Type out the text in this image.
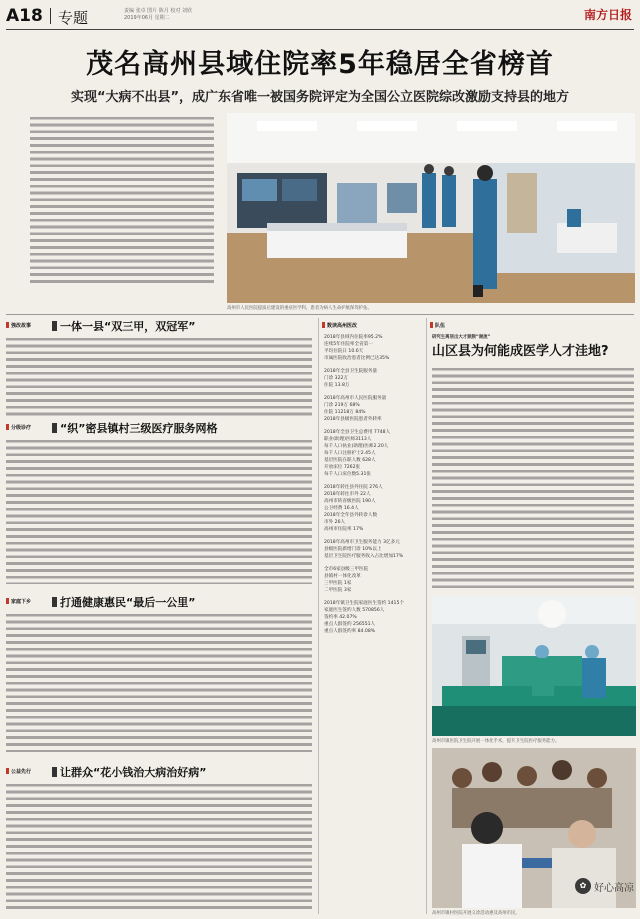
A18 专题	责编 张卓 图片 陈月 校对 刘欣
2019年06月 星期二	南方日报
茂名高州县域住院率5年稳居全省榜首
实现“大病不出县”，成广东省唯一被国务院评定为全国公立医院综改激励支持县的地方
高州市人民医院提质后建设的重症医学科，患者为病人生命护航保驾护佑。
強改故事	一体一县“双三甲，双冠军”
分级诊疗	“织”密县镇村三级医疗服务网格
家庭下乡	打通健康惠民“最后一公里”
公益先行	让群众“花小钱治大病治好病”
数读高州医改
2018年县域内住院率95.2%
连续5年住院率全省第一
平均住院日 10.6天
市属医院收治患者比例已达35%
2018年全县卫生院服务量
门诊 322万
住院 13.8万
2018年高州市人民医院服务量
门诊 219万 68%
住院 11218万 84%
2018年县级医院患者外转率
2018年全县卫生总费用 7748人
职业(助理)医师3113人
每千人口执业(助理)医师2.20人
每千人口注册护士2.45人
基层医院在职人数 628人
开放床位 7262张
每千人口床位数5.31张
2018年转往县外住院 276人
2018年转往市外 22人
高州市转省级医院 190人
公卫经费 16.4人
2018年全年县外转诊人数
市外 26人
高州市住院率 17%
2018年高州市卫生服务能力 3亿多元
县级医院新增门诊 10%以上
基层卫生院医疗服务收入占比增加17%
全市6家县级三甲医院
县镇村一体化改革
三甲医院 1家
二甲医院 3家
2018年镇卫生院家庭医生签约 1415个
家庭医生签约人数 570856人
签约率 42.07%
重点人群签约 256551人
重点人群签约率 84.08%
队伍
研究生离居出大才频频“谢流”
山区县为何能成医学人才洼地?
高州市镇医院卫生院开展一体化手术，提升卫生院医疗服务能力。
高州市镇村医院开展义诊活动惠及高州市民。
✿ 好心高凉
